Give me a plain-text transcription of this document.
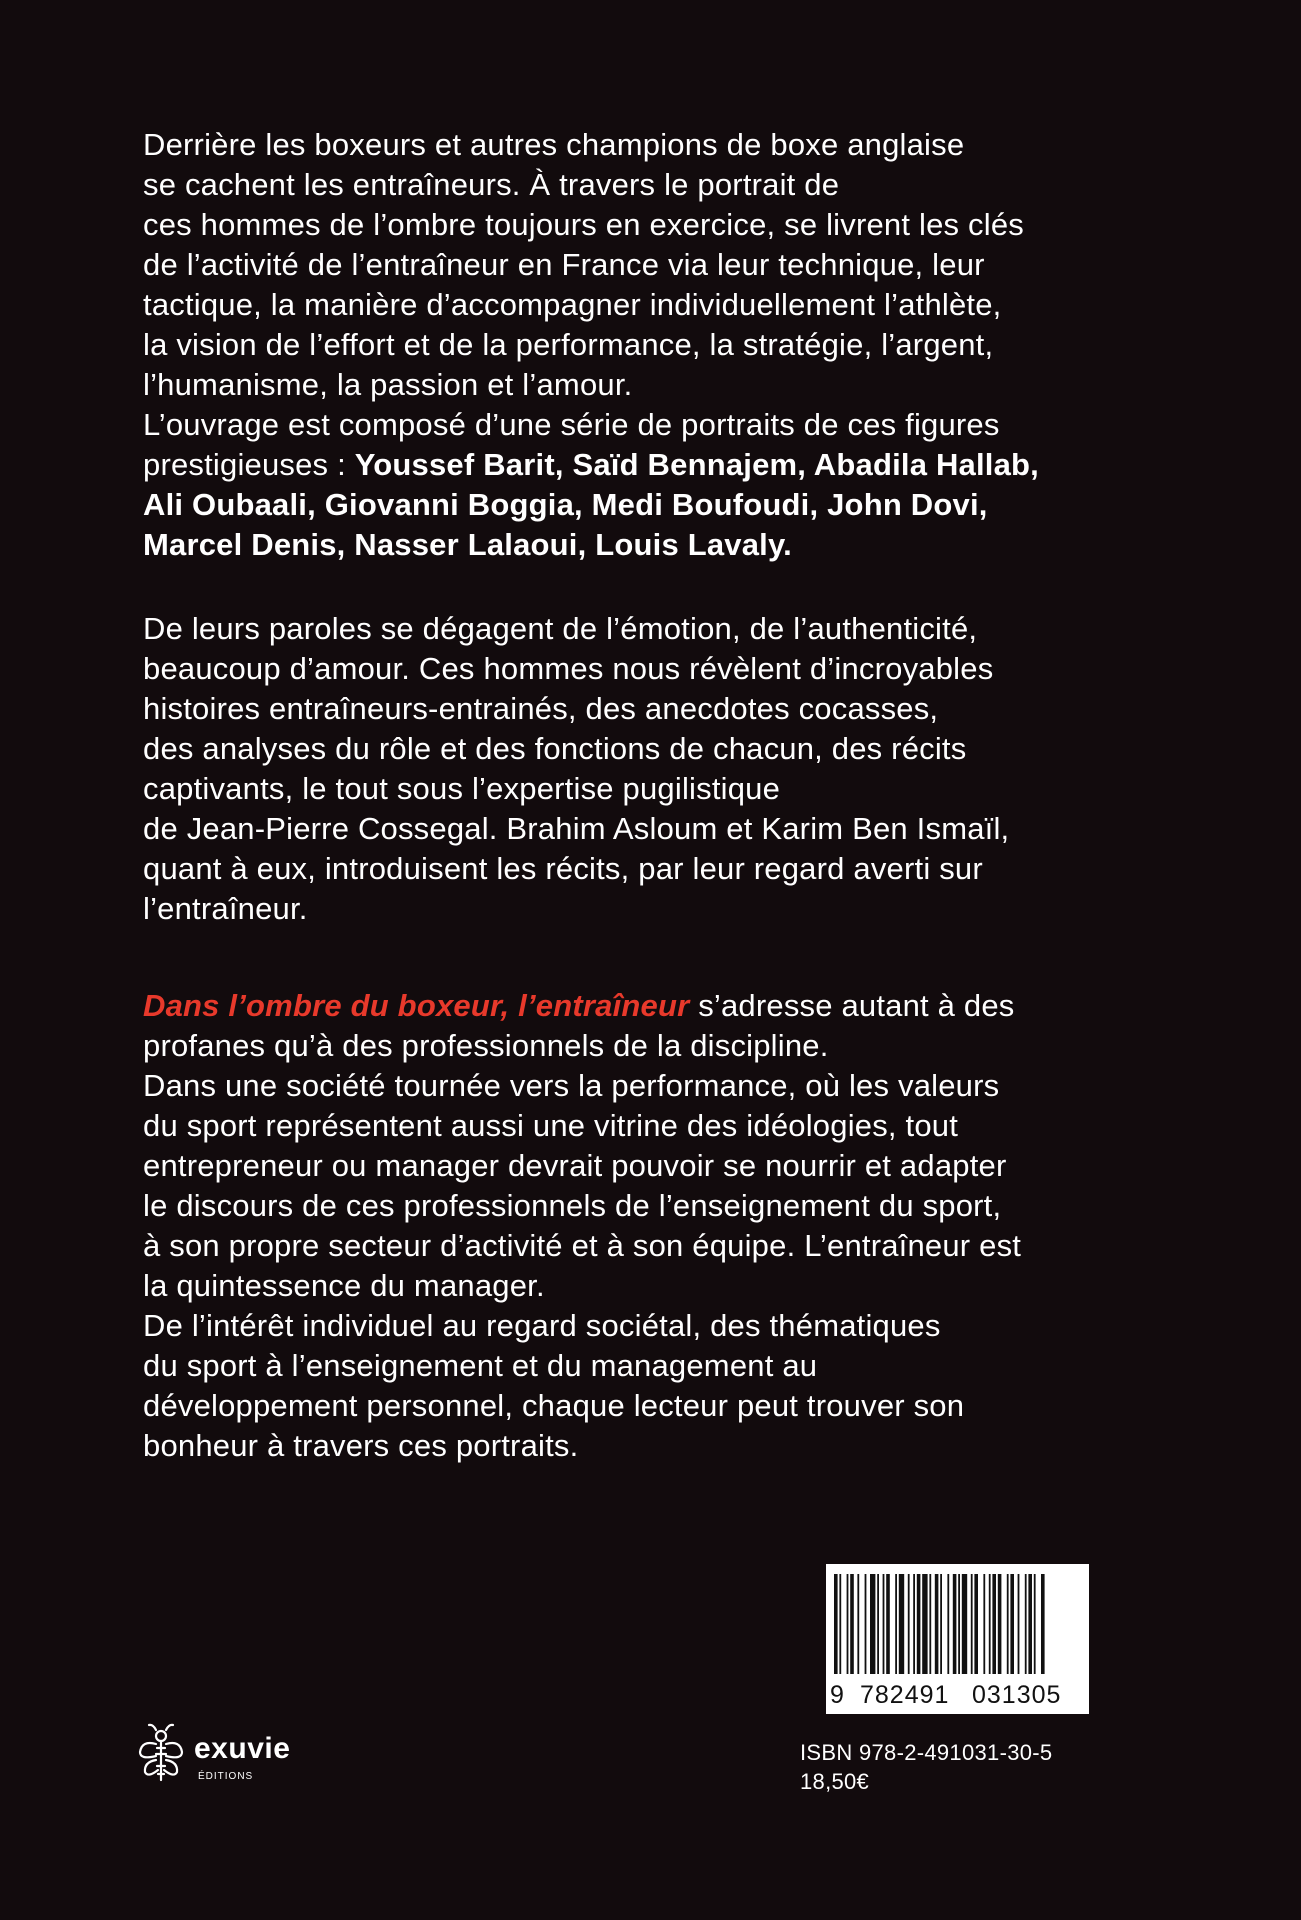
Derrière les boxeurs et autres champions de boxe anglaise
se cachent les entraîneurs. À travers le portrait de
ces hommes de l’ombre toujours en exercice, se livrent les clés
de l’activité de l’entraîneur en France via leur technique, leur
tactique, la manière d’accompagner individuellement l’athlète,
la vision de l’effort et de la performance, la stratégie, l’argent,
l’humanisme, la passion et l’amour.
L’ouvrage est composé d’une série de portraits de ces figures
prestigieuses : Youssef Barit, Saïd Bennajem, Abadila Hallab,
Ali Oubaali, Giovanni Boggia, Medi Boufoudi, John Dovi,
Marcel Denis, Nasser Lalaoui, Louis Lavaly.
De leurs paroles se dégagent de l’émotion, de l’authenticité,
beaucoup d’amour. Ces hommes nous révèlent d’incroyables
histoires entraîneurs-entrainés, des anecdotes cocasses,
des analyses du rôle et des fonctions de chacun, des récits
captivants, le tout sous l’expertise pugilistique
de Jean-Pierre Cossegal. Brahim Asloum et Karim Ben Ismaïl,
quant à eux, introduisent les récits, par leur regard averti sur
l’entraîneur.
Dans l’ombre du boxeur, l’entraîneur s’adresse autant à des
profanes qu’à des professionnels de la discipline.
Dans une société tournée vers la performance, où les valeurs
du sport représentent aussi une vitrine des idéologies, tout
entrepreneur ou manager devrait pouvoir se nourrir et adapter
le discours de ces professionnels de l’enseignement du sport,
à son propre secteur d’activité et à son équipe. L’entraîneur est
la quintessence du manager.
De l’intérêt individuel au regard sociétal, des thématiques
du sport à l’enseignement et du management au
développement personnel, chaque lecteur peut trouver son
bonheur à travers ces portraits.
9 782491 031305
ISBN 978-2-491031-30-5
18,50€
exuvie
ÉDITIONS
